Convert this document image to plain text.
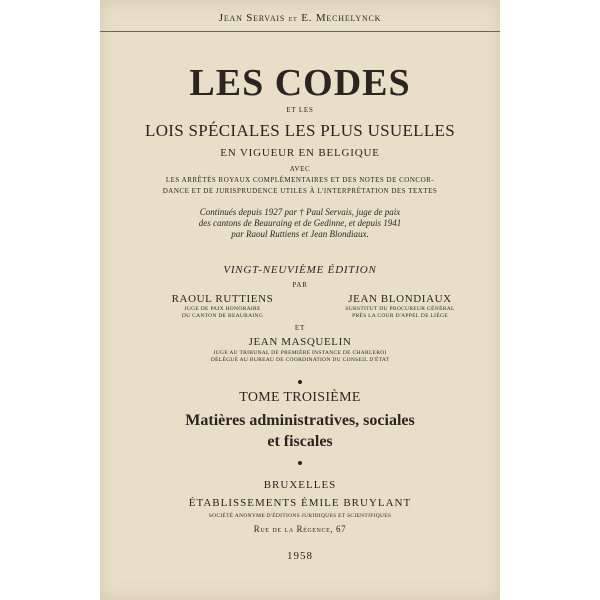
Jean Servais et E. Mechelynck
LES CODES
ET LES
LOIS SPÉCIALES LES PLUS USUELLES
EN VIGUEUR EN BELGIQUE
AVEC
LES ARRÊTÉS ROYAUX COMPLÉMENTAIRES ET DES NOTES DE CONCOR-
DANCE ET DE JURISPRUDENCE UTILES À L'INTERPRÉTATION DES TEXTES
Continués depuis 1927 par † Paul Servais, juge de paix
des cantons de Beauraing et de Gedinne, et depuis 1941
par Raoul Ruttiens et Jean Blondiaux.
VINGT-NEUVIÈME ÉDITION
PAR
RAOUL RUTTIENS
JUGE DE PAIX HONORAIRE
DU CANTON DE BEAURAING
JEAN BLONDIAUX
SUBSTITUT DU PROCUREUR GÉNÉRAL
PRÈS LA COUR D'APPEL DE LIÈGE
ET
JEAN MASQUELIN
JUGE AU TRIBUNAL DE PREMIÈRE INSTANCE DE CHARLEROI
DÉLÉGUÉ AU BUREAU DE COORDINATION DU CONSEIL D'ÉTAT
TOME TROISIÈME
Matières administratives, sociales
et fiscales
BRUXELLES
ÉTABLISSEMENTS ÉMILE BRUYLANT
SOCIÉTÉ ANONYME D'ÉDITIONS JURIDIQUES ET SCIENTIFIQUES
Rue de la Régence, 67
1958
